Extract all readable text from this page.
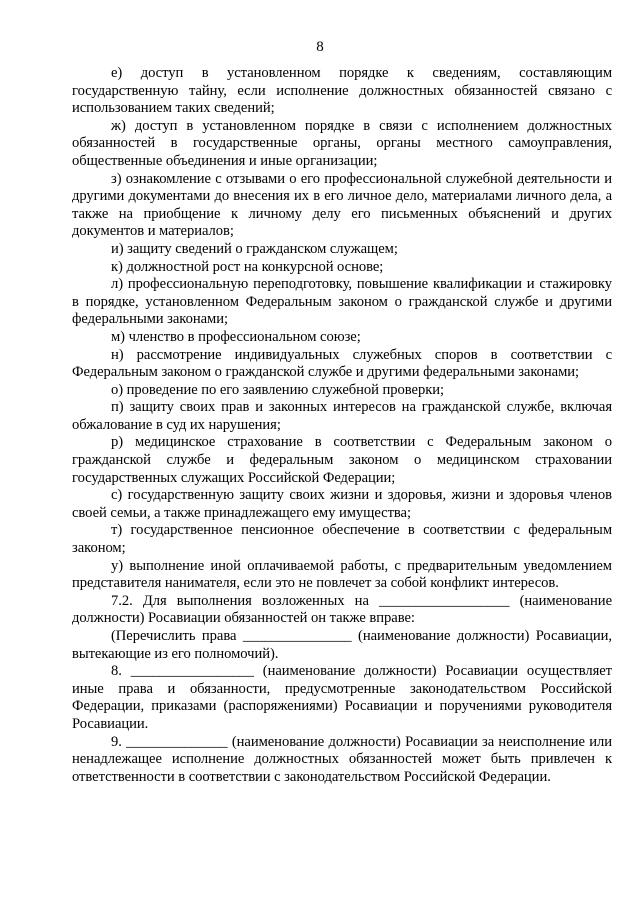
8

е) доступ в установленном порядке к сведениям, составляющим государственную тайну, если исполнение должностных обязанностей связано с использованием таких сведений;

ж) доступ в установленном порядке в связи с исполнением должностных обязанностей в государственные органы, органы местного самоуправления, общественные объединения и иные организации;

з) ознакомление с отзывами о его профессиональной служебной деятельности и другими документами до внесения их в его личное дело, материалами личного дела, а также на приобщение к личному делу его письменных объяснений и других документов и материалов;

и) защиту сведений о гражданском служащем;

к) должностной рост на конкурсной основе;

л) профессиональную переподготовку, повышение квалификации и стажировку в порядке, установленном Федеральным законом о гражданской службе и другими федеральными законами;

м) членство в профессиональном союзе;

н) рассмотрение индивидуальных служебных споров в соответствии с Федеральным законом о гражданской службе и другими федеральными законами;

о) проведение по его заявлению служебной проверки;

п) защиту своих прав и законных интересов на гражданской службе, включая обжалование в суд их нарушения;

р) медицинское страхование в соответствии с Федеральным законом о гражданской службе и федеральным законом о медицинском страховании государственных служащих Российской Федерации;

с) государственную защиту своих жизни и здоровья, жизни и здоровья членов своей семьи, а также принадлежащего ему имущества;

т) государственное пенсионное обеспечение в соответствии с федеральным законом;

у) выполнение иной оплачиваемой работы, с предварительным уведомлением представителя нанимателя, если это не повлечет за собой конфликт интересов.

7.2. Для выполнения возложенных на __________________ (наименование должности) Росавиации обязанностей он также вправе:

(Перечислить права _______________ (наименование должности) Росавиации, вытекающие из его полномочий).

8. _________________ (наименование должности) Росавиации осуществляет иные права и обязанности, предусмотренные законодательством Российской Федерации, приказами (распоряжениями) Росавиации и поручениями руководителя Росавиации.

9. ______________ (наименование должности) Росавиации за неисполнение или ненадлежащее исполнение должностных обязанностей может быть привлечен к ответственности в соответствии с законодательством Российской Федерации.
